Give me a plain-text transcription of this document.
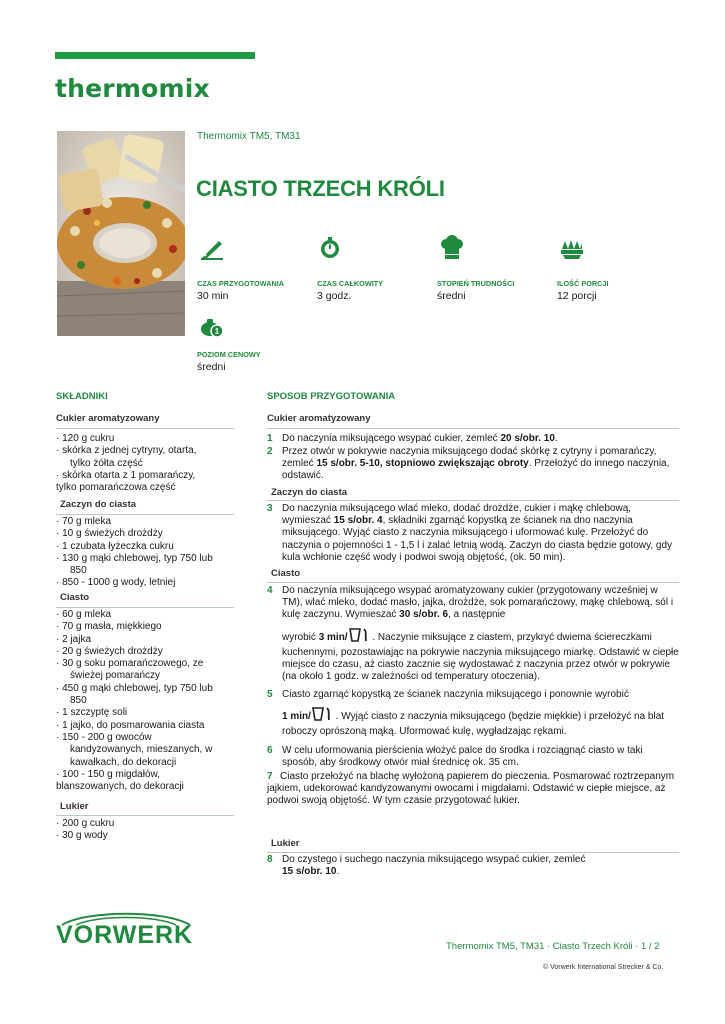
thermomix
Thermomix TM5, TM31
CIASTO TRZECH KRÓLI
CZAS PRZYGOTOWANIA
30 min
CZAS CAŁKOWITY
3 godz.
STOPIEŃ TRUDNOŚCI
średni
ILOŚĆ PORCJI
12 porcji
1
POZIOM CENOWY
średni
SKŁADNIKI
Cukier aromatyzowany
· 120 g cukru
· skórka z jednej cytryny, otarta,
tylko żółta część
· skórka otarta z 1 pomarańczy,
tylko pomarańczowa część
Zaczyn do ciasta
· 70 g mleka
· 10 g świeżych drożdży
· 1 czubata łyżeczka cukru
· 130 g mąki chlebowej, typ 750 lub
850
· 850 - 1000 g wody, letniej
Ciasto
· 60 g mleka
· 70 g masła, miękkiego
· 2 jajka
· 20 g świeżych drożdży
· 30 g soku pomarańczowego, ze
świeżej pomarańczy
· 450 g mąki chlebowej, typ 750 lub
850
· 1 szczyptę soli
· 1 jajko, do posmarowania ciasta
· 150 - 200 g owoców
kandyzowanych, mieszanych, w
kawałkach, do dekoracji
· 100 - 150 g migdałów,
blanszowanych, do dekoracji
Lukier
· 200 g cukru
· 30 g wody
SPOSOB PRZYGOTOWANIA
Cukier aromatyzowany
1 Do naczynia miksującego wsypać cukier, zemleć 20 s/obr. 10.
2 Przez otwór w pokrywie naczynia miksującego dodać skórkę z cytryny i pomarańczy, zemleć 15 s/obr. 5-10, stopniowo zwiększając obroty. Przełożyć do innego naczynia, odstawić.
Zaczyn do ciasta
3 Do naczynia miksującego wlać mleko, dodać drożdże, cukier i mąkę chlebową, wymieszać 15 s/obr. 4, składniki zgarnąć kopystką ze ścianek na dno naczynia miksującego. Wyjąć ciasto z naczynia miksującego i uformować kulę. Przełożyć do naczynia o pojemności 1 - 1,5 l i zalać letnią wodą. Zaczyn do ciasta będzie gotowy, gdy kula wchłonie część wody i podwoi swoją objętość, (ok. 50 min).
Ciasto
4 Do naczynia miksującego wsypać aromatyzowany cukier (przygotowany wcześniej w TM), wlać mleko, dodać masło, jajka, drożdże, sok pomarańczowy, mąkę chlebową, sól i kulę zaczynu. Wymieszać 30 s/obr. 6, a następnie
wyrobić 3 min/ . Naczynie miksujące z ciastem, przykryć dwiema ściereczkami kuchennymi, pozostawiając na pokrywie naczynia miksującego miarkę. Odstawić w ciepłe miejsce do czasu, aż ciasto zacznie się wydostawać z naczynia przez otwór w pokrywie (na około 1 godz. w zależności od temperatury otoczenia).
5 Ciasto zgarnąć kopystką ze ścianek naczynia miksującego i ponownie wyrobić
1 min/ . Wyjąć ciasto z naczynia miksującego (będzie miękkie) i przełożyć na blat roboczy oprószoną mąką. Uformować kulę, wygładzając rękami.
6 W celu uformowania pierścienia włożyć palce do środka i rozciągnąć ciasto w taki sposób, aby środkowy otwór miał średnicę ok. 35 cm.
7 Ciasto przełożyć na blachę wyłożoną papierem do pieczenia. Posmarować roztrzepanym jajkiem, udekorować kandyzowanymi owocami i migdałami. Odstawić w ciepłe miejsce, aż podwoi swoją objętość. W tym czasie przygotować lukier.
Lukier
8 Do czystego i suchego naczynia miksującego wsypać cukier, zemleć
15 s/obr. 10.
VORWERK	Thermomix TM5, TM31 · Ciasto Trzech Króli · 1 / 2
© Vorwerk International Strecker & Co.
